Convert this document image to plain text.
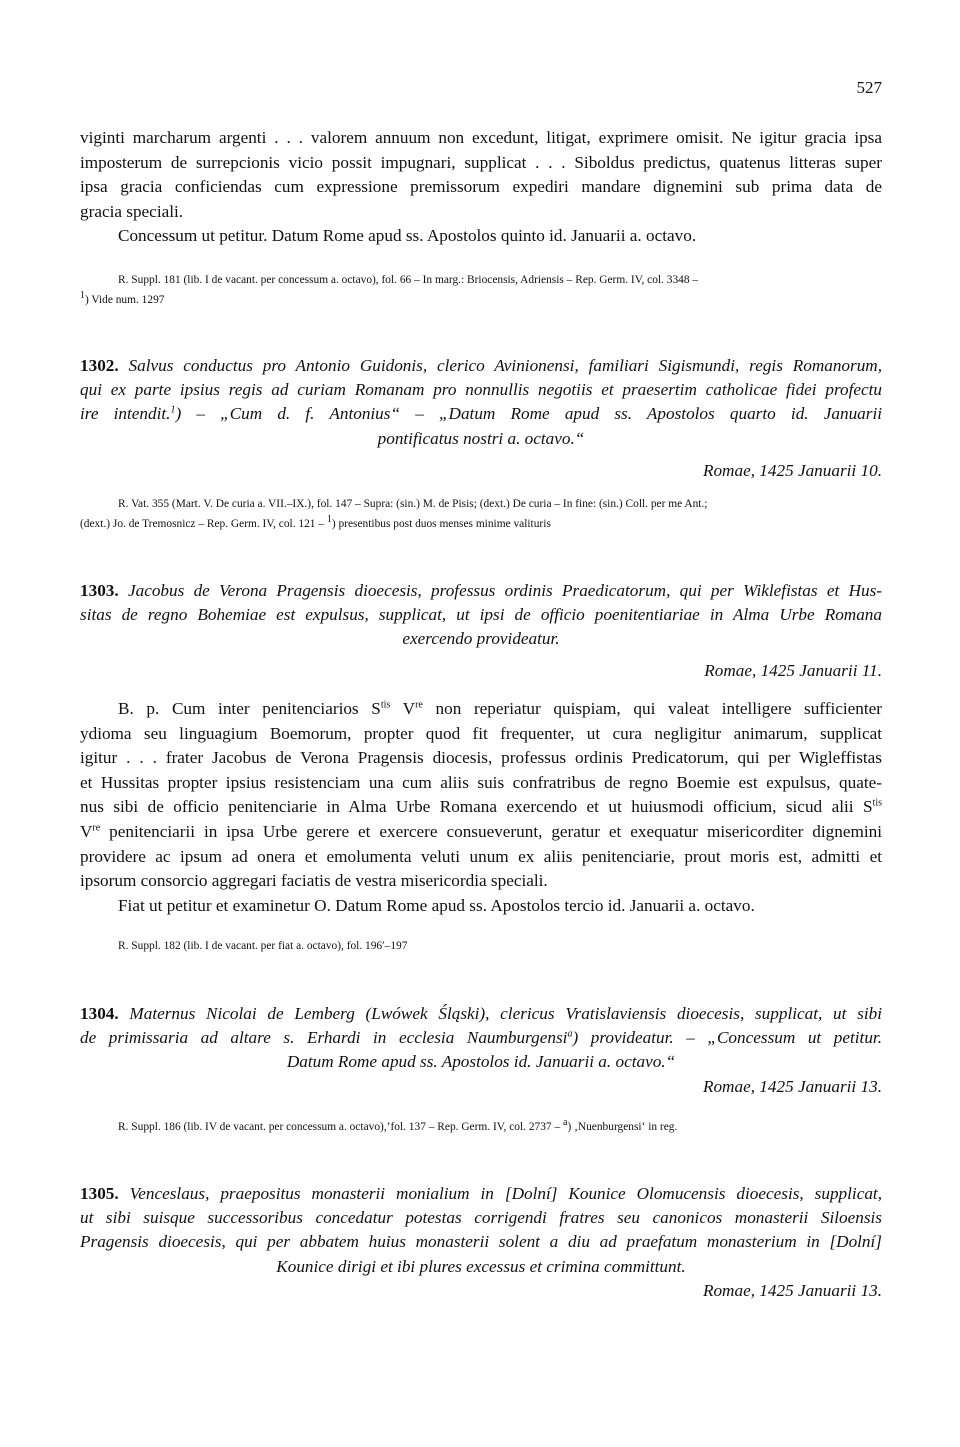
527

viginti marcharum argenti . . . valorem annuum non excedunt, litigat, exprimere omisit. Ne igitur gracia ipsa

imposterum de surrepcionis vicio possit impugnari, supplicat . . . Siboldus predictus, quatenus litteras super

ipsa gracia conficiendas cum expressione premissorum expediri mandare dignemini sub prima data de

gracia speciali.

Concessum ut petitur. Datum Rome apud ss. Apostolos quinto id. Januarii a. octavo.

R. Suppl. 181 (lib. I de vacant. per concessum a. octavo), fol. 66 – In marg.: Briocensis, Adriensis – Rep. Germ. IV, col. 3348 –

$^1$) Vide num. 1297

1302. Salvus conductus pro Antonio Guidonis, clerico Avinionensi, familiari Sigismundi, regis Romanorum,

qui ex parte ipsius regis ad curiam Romanam pro nonnullis negotiis et praesertim catholicae fidei profectu

ire intendit.$^1$) – „Cum d. f. Antonius“ – „Datum Rome apud ss. Apostolos quarto id. Januarii

pontificatus nostri a. octavo.“

Romae, 1425 Januarii 10.

R. Vat. 355 (Mart. V. De curia a. VII.–IX.), fol. 147 – Supra: (sin.) M. de Pisis; (dext.) De curia – In fine: (sin.) Coll. per me Ant.;

(dext.) Jo. de Tremosnicz – Rep. Germ. IV, col. 121 – $^1$) presentibus post duos menses minime valituris

1303. Jacobus de Verona Pragensis dioecesis, professus ordinis Praedicatorum, qui per Wiklefistas et Hus-

sitas de regno Bohemiae est expulsus, supplicat, ut ipsi de officio poenitentiariae in Alma Urbe Romana

exercendo provideatur.

Romae, 1425 Januarii 11.

B. p. Cum inter penitenciarios $S^{tis}$ Vre non reperiatur quispiam, qui valeat intelligere sufficienter

ydioma seu linguagium Boemorum, propter quod fit frequenter, ut cura negligitur animarum, supplicat

igitur . . . frater Jacobus de Verona Pragensis diocesis, professus ordinis Predicatorum, qui per Wigleffistas

et Hussitas propter ipsius resistenciam una cum aliis suis confratribus de regno Boemie est expulsus, quate-

nus sibi de officio penitenciarie in Alma Urbe Romana exercendo et ut huiusmodi officium, sicud alii $S^{tis}$

Vre penitenciarii in ipsa Urbe gerere et exercere consueverunt, geratur et exequatur misericorditer dignemini

providere ac ipsum ad onera et emolumenta veluti unum ex aliis penitenciarie, prout moris est, admitti et

ipsorum consorcio aggregari faciatis de vestra misericordia speciali.

Fiat ut petitur et examinetur O. Datum Rome apud ss. Apostolos tercio id. Januarii a. octavo.

R. Suppl. 182 (lib. I de vacant. per fiat a. octavo), fol. 196′–197

1304. Maternus Nicolai de Lemberg (Lwówek Śląski), clericus Vratislaviensis dioecesis, supplicat, ut sibi

de primissaria ad altare s. Erhardi in ecclesia Naumburgensi$^a$) provideatur. – „Concessum ut petitur.

Datum Rome apud ss. Apostolos id. Januarii a. octavo.“

Romae, 1425 Januarii 13.

R. Suppl. 186 (lib. IV de vacant. per concessum a. octavo),’fol. 137 – Rep. Germ. IV, col. 2737 – $^a$) ‚Nuenburgensi‘ in reg.

1305. Venceslaus, praepositus monasterii monialium in [Dolní] Kounice Olomucensis dioecesis, supplicat,

ut sibi suisque successoribus concedatur potestas corrigendi fratres seu canonicos monasterii Siloensis

Pragensis dioecesis, qui per abbatem huius monasterii solent a diu ad praefatum monasterium in [Dolní]

Kounice dirigi et ibi plures excessus et crimina committunt.

Romae, 1425 Januarii 13.
